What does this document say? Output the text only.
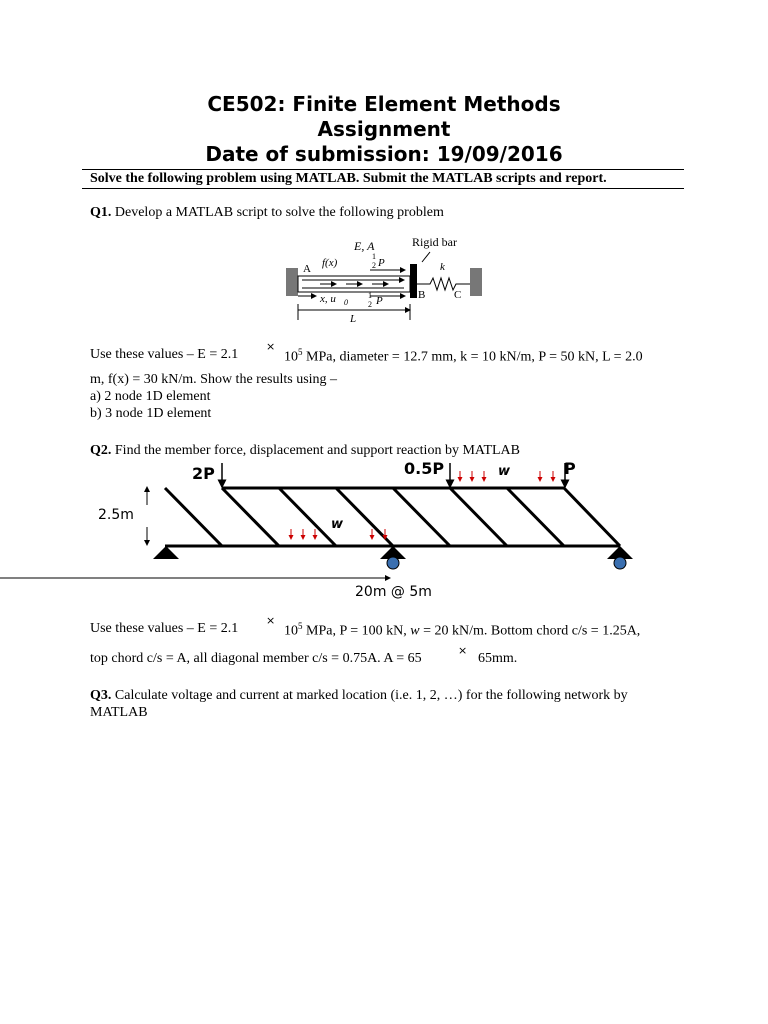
CE502: Finite Element Methods
Assignment
Date of submission: 19/09/2016
Solve the following problem using MATLAB. Submit the MATLAB scripts and report.
Q1. Develop a MATLAB script to solve the following problem
E, A	Rigid bar
A
B	C
f(x)
1
2 P	k
x, u 0
1
2 P
L
Use these values – E = 2.1
×
$10^5$ MPa, diameter = 12.7 mm, k = 10 kN/m, P = 50 kN, L = 2.0
m, f(x) = 30 kN/m. Show the results using –
a) 2 node 1D element
b) 3 node 1D element
Q2. Find the member force, displacement and support reaction by MATLAB
2P	0.5P	P
w
w
2.5m
20m @ 5m
Use these values – E = 2.1
×
$10^5$ MPa, P = 100 kN, w = 20 kN/m. Bottom chord c/s = 1.25A,
top chord c/s = A, all diagonal member c/s = 0.75A. A = 65
×
65mm.
Q3. Calculate voltage and current at marked location (i.e. 1, 2, …) for the following network by
MATLAB
